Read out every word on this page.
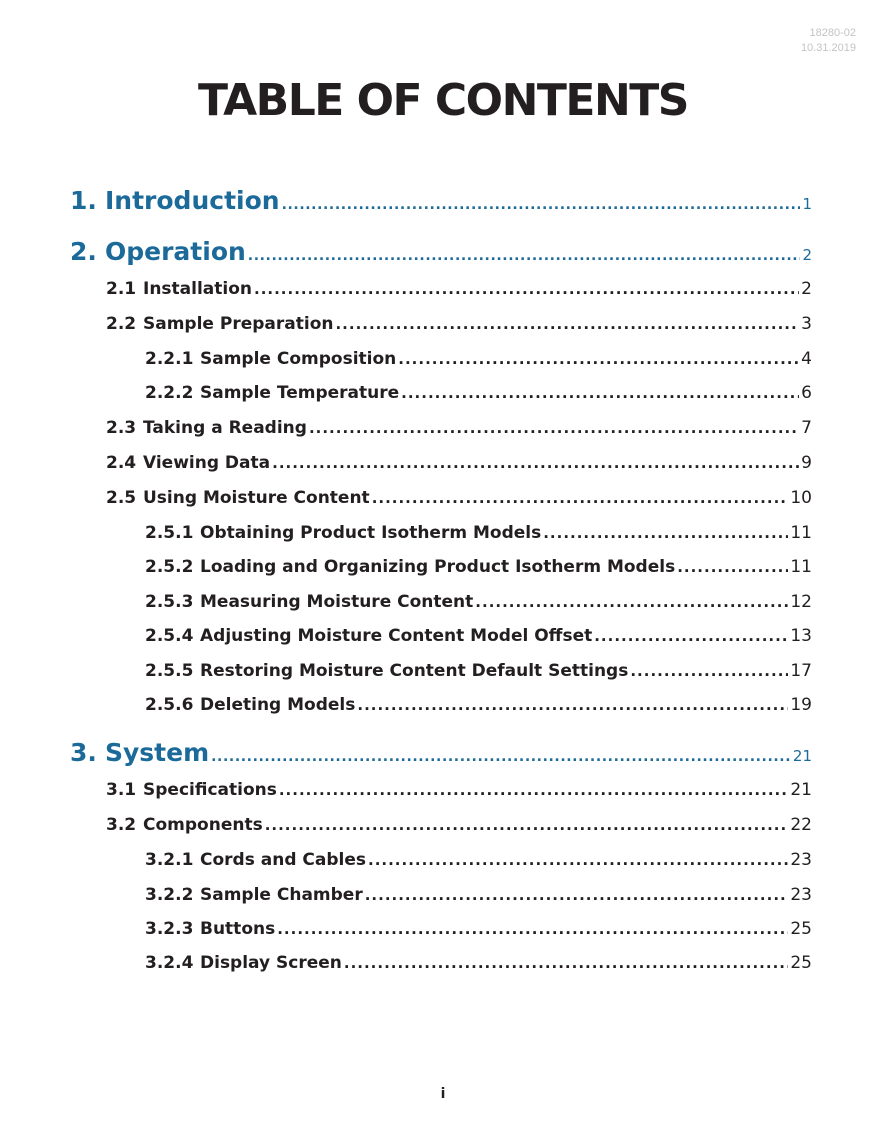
18280-02
10.31.2019
TABLE OF CONTENTS
1. Introduction .....	1
2. Operation .....	2
2.1 Installation .....	2
2.2 Sample Preparation .....	3
2.2.1 Sample Composition .....	4
2.2.2 Sample Temperature .....	6
2.3 Taking a Reading .....	7
2.4 Viewing Data .....	9
2.5 Using Moisture Content .....	10
2.5.1 Obtaining Product Isotherm Models .....	11
2.5.2 Loading and Organizing Product Isotherm Models .....	11
2.5.3 Measuring Moisture Content .....	12
2.5.4 Adjusting Moisture Content Model Offset .....	13
2.5.5 Restoring Moisture Content Default Settings .....	17
2.5.6 Deleting Models .....	19
3. System .....	21
3.1 Specifications .....	21
3.2 Components .....	22
3.2.1 Cords and Cables .....	23
3.2.2 Sample Chamber .....	23
3.2.3 Buttons .....	25
3.2.4 Display Screen .....	25
i
